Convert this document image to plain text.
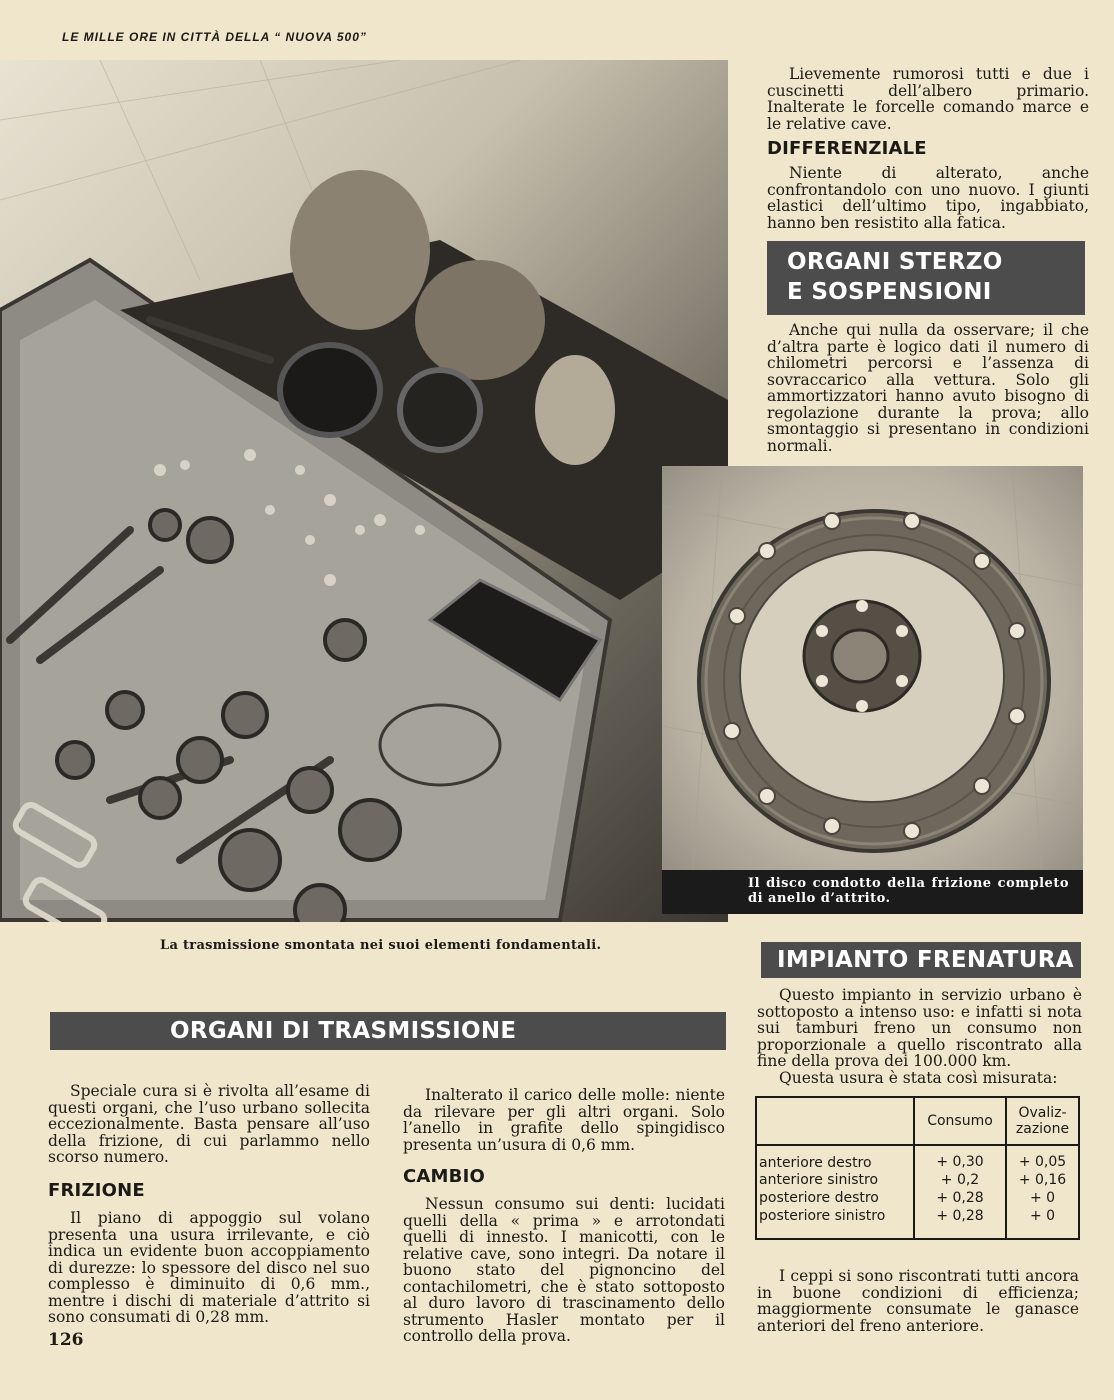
LE MILLE ORE IN CITTÀ DELLA “ NUOVA 500”

Lievemente rumorosi tutti e due i cuscinetti dell’albero primario. Inalterate le forcelle comando marce e le relative cave.

DIFFERENZIALE

Niente di alterato, anche confrontandolo con uno nuovo. I giunti elastici dell’ultimo tipo, ingabbiato, hanno ben resistito alla fatica.

ORGANI STERZO
E SOSPENSIONI

Anche qui nulla da osservare; il che d’altra parte è logico dati il numero di chilometri percorsi e l’assenza di sovraccarico alla vettura. Solo gli ammortizzatori hanno avuto bisogno di regolazione durante la prova; allo smontaggio si presentano in condizioni normali.

Il disco condotto della frizione completo di anello d’attrito.
La trasmissione smontata nei suoi elementi fondamentali.
IMPIANTO FRENATURA

Questo impianto in servizio urbano è sottoposto a intenso uso: e infatti si nota sui tamburi freno un consumo non proporzionale a quello riscontrato alla fine della prova dei 100.000 km.

Questa usura è stata così misurata:

	Consumo	Ovaliz-
zazione
anteriore destro	+ 0,30	+ 0,05
anteriore sinistro	+ 0,2	+ 0,16
posteriore destro	+ 0,28	+ 0
posteriore sinistro	+ 0,28	+ 0

I ceppi si sono riscontrati tutti ancora in buone condizioni di efficienza; maggiormente consumate le ganasce anteriori del freno anteriore.

ORGANI DI TRASMISSIONE

Speciale cura si è rivolta all’esame di questi organi, che l’uso urbano sollecita eccezionalmente. Basta pensare all’uso della frizione, di cui parlammo nello scorso numero.

FRIZIONE

Il piano di appoggio sul volano presenta una usura irrilevante, e ciò indica un evidente buon accoppiamento di durezze: lo spessore del disco nel suo complesso è diminuito di 0,6 mm., mentre i dischi di materiale d’attrito si sono consumati di 0,28 mm.

Inalterato il carico delle molle: niente da rilevare per gli altri organi. Solo l’anello in grafite dello spingidisco presenta un’usura di 0,6 mm.

CAMBIO

Nessun consumo sui denti: lucidati quelli della « prima » e arrotondati quelli di innesto. I manicotti, con le relative cave, sono integri. Da notare il buono stato del pignoncino del contachilometri, che è stato sottoposto al duro lavoro di trascinamento dello strumento Hasler montato per il controllo della prova.

126
